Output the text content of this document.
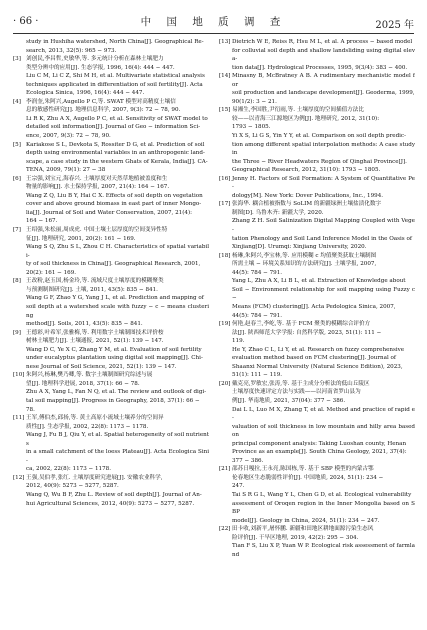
· 66 ·	中 国 地 质 调 查	2025 年

study in Hushiha watershed, North China[J]. Geographical Re-

search, 2013, 32(5): 965 − 973.

[3] 刘创民,李昌哲,史敏华,等. 多元统计分析在森林土壤肥力

类型分辨中的应用[J]. 生态学报, 1996, 16(4): 444 − 447.

Liu C M, Li C Z, Shi M H, et al. Multivariate statistical analysis

techniques applicated in differentiation of soil fertility[J]. Acta

Ecologica Sinica, 1996, 16(4): 444 − 447.

[4] 李润奎,朱阿兴,Augello P C,等. SWAT 模型对高精度土壤信

息的敏感性研究[J]. 地理信息科学, 2007, 9(3): 72 − 78, 90.

Li R K, Zhu A X, Augello P C, et al. Sensitivity of SWAT model to

detailed soil information[J]. Journal of Geo − information Sci-

ence, 2007, 9(3): 72 − 78, 90.

[5] Kariakose S L, Devkota S, Rossiter D G, et al. Prediction of soil

depth using environmental variables in an anthropogenic land-

scape, a case study in the western Ghats of Kerala, India[J]. CA-

TENA, 2009, 79(1): 27 − 38

[6] 王宗强,刘宝元,海春兴. 土壤厚度对天然草地植被盖度和生

物量的影响[J]. 水土保持学报, 2007, 21(4): 164 − 167.

Wang Z Q, Liu B Y, Hai C X. Effects of soil depth on vegetation

cover and above ground biomass in east part of inner Mongo-

lia[J]. Journal of Soil and Water Conservation, 2007, 21(4):

164 − 167.

[7] 王绍强,朱松丽,周成虎. 中国土壤土层厚度的空间变异性特

征[J]. 地理研究, 2001, 20(2): 161 − 169.

Wang S Q, Zhu S L, Zhou C H. Characteristics of spatial variabili-

ty of soil thickness in China[J]. Geographical Research, 2001,

20(2): 161 − 169.

[8] 王改粉,赵玉国,杨金玲,等. 流域尺度土壤厚度的模糊聚类

与预测制图研究[J]. 土壤, 2011, 43(5): 835 − 841.

Wang G F, Zhao Y G, Yang J L, et al. Prediction and mapping of

soil depth at a watershed scale with fuzzy − c − means clustering

method[J]. Soils, 2011, 43(5): 835 − 841.

[9] 王德彩,叶希军,张雅梅,等. 利用数字土壤制图技术评价桉

树林土壤肥力[J]. 土壤通报, 2021, 52(1): 139 − 147.

Wang D C, Ye X C, Zhang Y M, et al. Evaluation of soil fertility

under eucalyptus plantation using digital soil mapping[J]. Chi-

nese Journal of Soil Science, 2021, 52(1): 139 − 147.

[10] 朱阿兴,杨琳,樊乃卿,等. 数字土壤制图研究综述与展

望[J]. 地理科学进展, 2018, 37(1): 66 − 78.

Zhu A X, Yang L, Fan N Q, et al. The review and outlook of digi-

tal soil mapping[J]. Progress in Geography, 2018, 37(1): 66 −

78.

[11] 王军,傅伯杰,邱扬,等. 黄土高原小流域土壤养分的空间异

质性[J]. 生态学报, 2002, 22(8): 1173 − 1178.

Wang J, Fu B J, Qiu Y, et al. Spatial heterogeneity of soil nutrients

in a small catchment of the loess Plateau[J]. Acta Ecologica Sini-

ca, 2002, 22(8): 1173 − 1178.

[12] 王强,吴伯孝,张红. 土壤厚度研究进展[J]. 安徽农业科学,

2012, 40(9): 5273 − 5277, 5287.

Wang Q, Wu B F, Zhu L. Review of soil depth[J]. Journal of An-

hui Agricultural Sciences, 2012, 40(9): 5273 − 5277, 5287.

[13] Dietrich W E, Reiss R, Hsu M L, et al. A process − based model

for colluvial soil depth and shallow landsliding using digital eleva-

tion data[J]. Hydrological Processes, 1995, 9(3/4): 383 − 400.

[14] Minasny B, McBratney A B. A rudimentary mechanistic model for

soil production and landscape development[J]. Geoderma, 1999,

90(1/2): 3 − 21.

[15] 易湘生,李国胜,尹衍雨,等. 土壤厚度的空间插值方法比

较——以青海三江源地区为例[J]. 地理研究, 2012, 31(10):

1793 − 1805.

Yi X S, Li G S, Yin Y Y, et al. Comparison on soil depth predic-

tion among different spatial interpolation methods: A case study in

the Three − River Headwaters Region of Qinghai Province[J].

Geographical Research, 2012, 31(10): 1793 − 1805.

[16] Jenny H. Factors of Soil Formation: A System of Quantitative Pe-

dology[M]. New York: Dover Publications, Inc., 1994.

[17] 张海华. 耦合植被指数与 SoLIM 的新疆绿洲土壤盐渍化数字

制图[D]. 乌鲁木齐: 新疆大学, 2020.

Zhang Z H. Soil Salinization Digital Mapping Coupled with Vege-

tation Phenology and Soil Land Inference Model in the Oasis of

Xinjiang[D]. Urumqi: Xinjiang University, 2020.

[18] 杨琳,朱阿兴,李宝林,等. 应用模糊 c 均值聚类获取土壤制图

所需土壤 − 环境关系知识的方法研究[J]. 土壤学报, 2007,

44(5): 784 − 791.

Yang L, Zhu A X, Li B L, et al. Extraction of Knowledge about

Soil − Environment relationship for soil mapping using Fuzzy c −

Means (FCM) clustering[J]. Acta Pedologica Sinica, 2007,

44(5): 784 − 791.

[19] 何艳,赵春兰,李屹,等. 基于 FCM 聚类的模糊综合评价方

法[J]. 陕西师范大学学报: 自然科学版, 2023, 51(1): 111 −

119.

He Y, Zhao C L, Li Y, et al. Research on fuzzy comprehensive

evaluation method based on FCM clustering[J]. Journal of

Shaanxi Normal University (Natural Science Edition), 2023,

51(1): 111 − 119.

[20] 戴克亮,罗敏宏,张涛,等. 基于主成分分析法的低山丘陵区

土壤厚度快速评定方法与实践——以河南省罗山县为

例[J]. 华南地质, 2021, 37(04): 377 − 386.

Dai L L, Luo M X, Zhang T, et al. Method and practice of rapid e-

valuation of soil thickness in low mountain and hilly area based on

principal component analysis: Taking Luoshan county, Henan

Province as an example[J]. South China Geology, 2021, 37(4):

377 − 386.

[21] 邵苏日嘎拉,王永亮,陈国栋,等. 基于 SBP 模型的内蒙古鄂

伦春地区生态脆弱性评价[J]. 中国地质, 2024, 51(1): 234 −

247.

Tai S R G L, Wang Y L, Chen G D, et al. Ecological vulnerability

assessment of Oroqen region in the Inner Mongolia based on SBP

model[J]. Geology in China, 2024, 51(1): 234 − 247.

[22] 田卡收,刘新平,屠怀鹏. 新疆和田地区耕地面源污染生态风

险评价[J]. 干旱区地理, 2019, 42(2): 295 − 304.

Tian F S, Liu X P, Yuan W P. Ecological risk assessment of farmland
